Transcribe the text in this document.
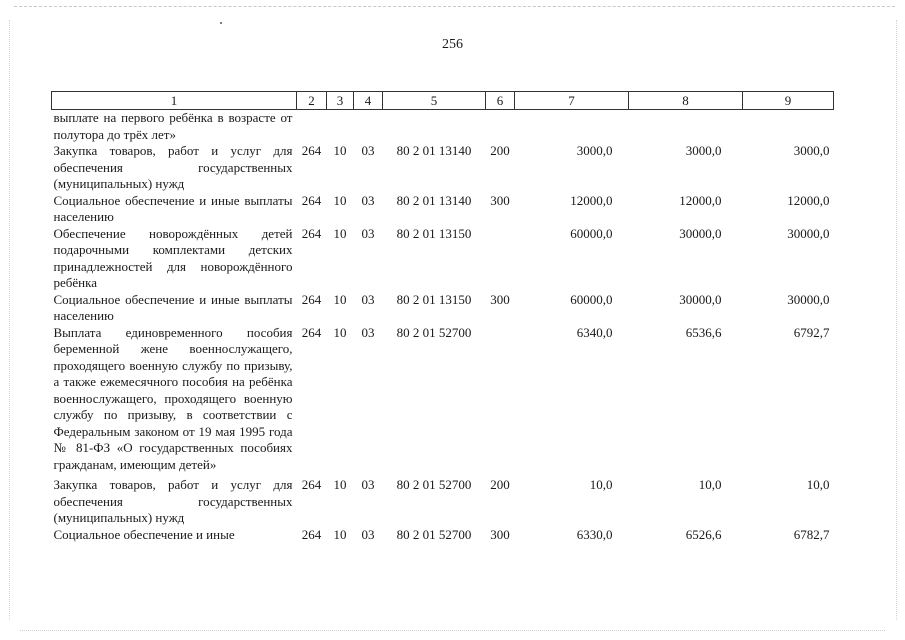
256
1	2	3	4	5	6	7	8	9
выплате на первого ребёнка в возрасте от полутора до трёх лет»								
Закупка товаров, работ и услуг для обеспечения государственных (муниципальных) нужд	264	10	03	80 2 01 13140	200	3000,0	3000,0	3000,0
Социальное обеспечение и иные выплаты населению	264	10	03	80 2 01 13140	300	12000,0	12000,0	12000,0
Обеспечение новорождённых детей подарочными комплектами детских принадлежностей для новорождённого ребёнка	264	10	03	80 2 01 13150		60000,0	30000,0	30000,0
Социальное обеспечение и иные выплаты населению	264	10	03	80 2 01 13150	300	60000,0	30000,0	30000,0
Выплата единовременного пособия беременной жене военнослужащего, проходящего военную службу по призыву, а также ежемесячного пособия на ребёнка военнослужащего, проходящего военную службу по призыву, в соответствии с Федеральным законом от 19 мая 1995 года № 81-ФЗ «О государственных пособиях гражданам, имеющим детей»	264	10	03	80 2 01 52700		6340,0	6536,6	6792,7
Закупка товаров, работ и услуг для обеспечения государственных (муниципальных) нужд	264	10	03	80 2 01 52700	200	10,0	10,0	10,0
Социальное обеспечение и иные	264	10	03	80 2 01 52700	300	6330,0	6526,6	6782,7
